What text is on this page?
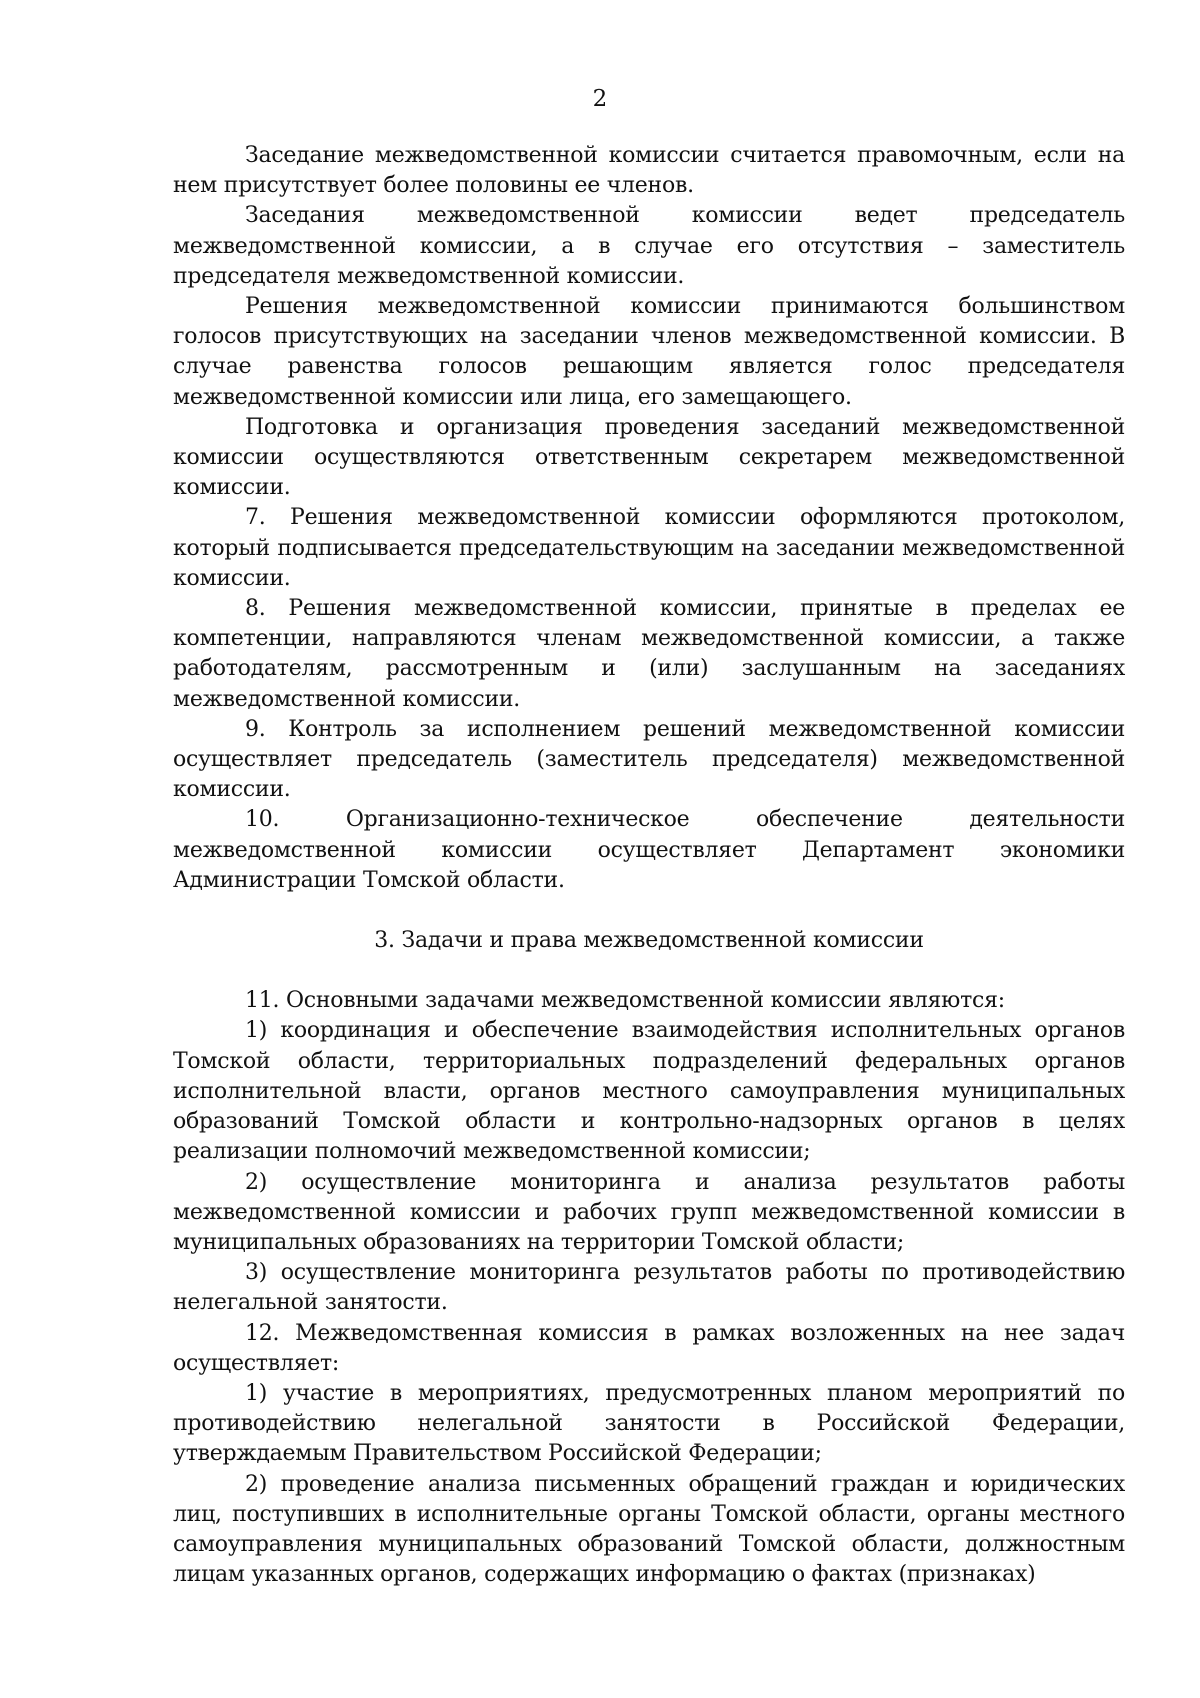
2

Заседание межведомственной комиссии считается правомочным, если на нем присутствует более половины ее членов.

Заседания межведомственной комиссии ведет председатель межведомственной комиссии, а в случае его отсутствия – заместитель председателя межведомственной комиссии.

Решения межведомственной комиссии принимаются большинством голосов присутствующих на заседании членов межведомственной комиссии. В случае равенства голосов решающим является голос председателя межведомственной комиссии или лица, его замещающего.

Подготовка и организация проведения заседаний межведомственной комиссии осуществляются ответственным секретарем межведомственной комиссии.

7. Решения межведомственной комиссии оформляются протоколом, который подписывается председательствующим на заседании межведомственной комиссии.

8. Решения межведомственной комиссии, принятые в пределах ее компетенции, направляются членам межведомственной комиссии, а также работодателям, рассмотренным и (или) заслушанным на заседаниях межведомственной комиссии.

9. Контроль за исполнением решений межведомственной комиссии осуществляет председатель (заместитель председателя) межведомственной комиссии.

10. Организационно-техническое обеспечение деятельности межведомственной комиссии осуществляет Департамент экономики Администрации Томской области.

3. Задачи и права межведомственной комиссии

11. Основными задачами межведомственной комиссии являются:

1) координация и обеспечение взаимодействия исполнительных органов Томской области, территориальных подразделений федеральных органов исполнительной власти, органов местного самоуправления муниципальных образований Томской области и контрольно-надзорных органов в целях реализации полномочий межведомственной комиссии;

2) осуществление мониторинга и анализа результатов работы межведомственной комиссии и рабочих групп межведомственной комиссии в муниципальных образованиях на территории Томской области;

3) осуществление мониторинга результатов работы по противодействию нелегальной занятости.

12. Межведомственная комиссия в рамках возложенных на нее задач осуществляет:

1) участие в мероприятиях, предусмотренных планом мероприятий по противодействию нелегальной занятости в Российской Федерации, утверждаемым Правительством Российской Федерации;

2) проведение анализа письменных обращений граждан и юридических лиц, поступивших в исполнительные органы Томской области, органы местного самоуправления муниципальных образований Томской области, должностным лицам указанных органов, содержащих информацию о фактах (признаках)
